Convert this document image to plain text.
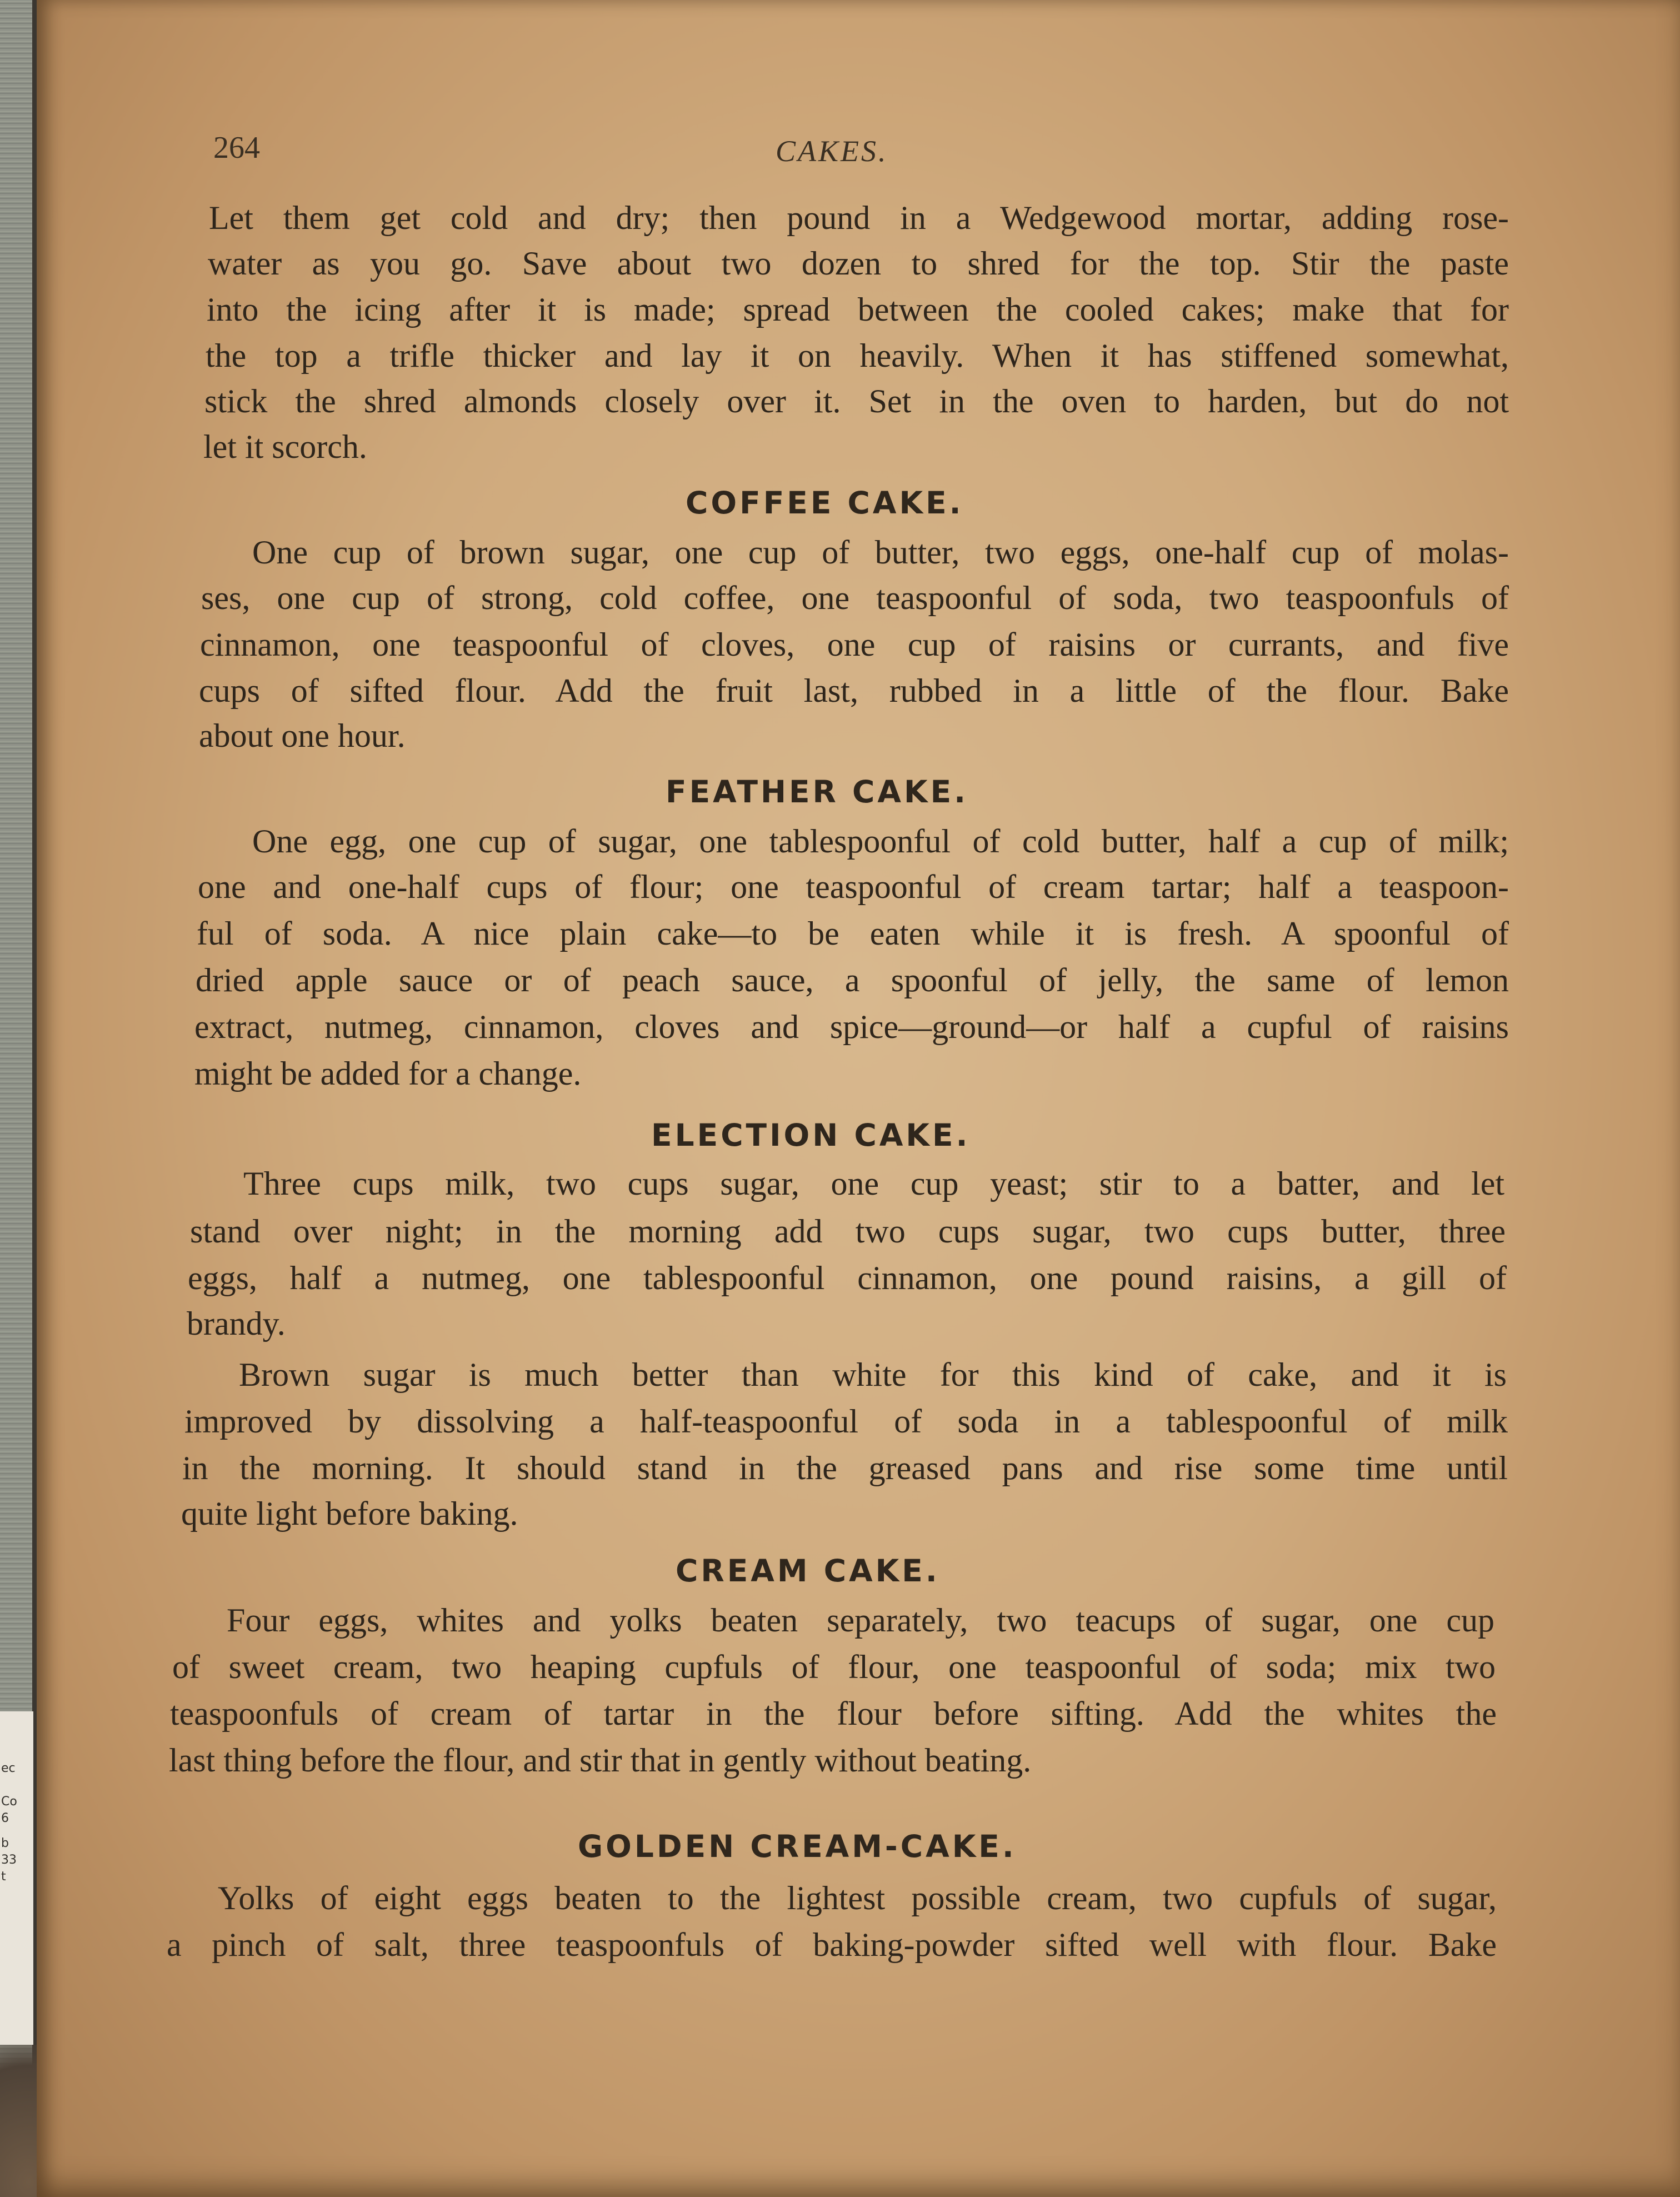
ec
Co
6
b
33
t
264	CAKES.
Let them get cold and dry; then pound in a Wedgewood mortar, adding rose-
water as you go. Save about two dozen to shred for the top. Stir the paste
into the icing after it is made; spread between the cooled cakes; make that for
the top a trifle thicker and lay it on heavily. When it has stiffened somewhat,
stick the shred almonds closely over it. Set in the oven to harden, but do not
let it scorch.
COFFEE CAKE.
One cup of brown sugar, one cup of butter, two eggs, one-half cup of molas-
ses, one cup of strong, cold coffee, one teaspoonful of soda, two teaspoonfuls of
cinnamon, one teaspoonful of cloves, one cup of raisins or currants, and five
cups of sifted flour. Add the fruit last, rubbed in a little of the flour. Bake
about one hour.
FEATHER CAKE.
One egg, one cup of sugar, one tablespoonful of cold butter, half a cup of milk;
one and one-half cups of flour; one teaspoonful of cream tartar; half a teaspoon-
ful of soda. A nice plain cake—to be eaten while it is fresh. A spoonful of
dried apple sauce or of peach sauce, a spoonful of jelly, the same of lemon
extract, nutmeg, cinnamon, cloves and spice—ground—or half a cupful of raisins
might be added for a change.
ELECTION CAKE.
Three cups milk, two cups sugar, one cup yeast; stir to a batter, and let
stand over night; in the morning add two cups sugar, two cups butter, three
eggs, half a nutmeg, one tablespoonful cinnamon, one pound raisins, a gill of
brandy.
Brown sugar is much better than white for this kind of cake, and it is
improved by dissolving a half-teaspoonful of soda in a tablespoonful of milk
in the morning. It should stand in the greased pans and rise some time until
quite light before baking.
CREAM CAKE.
Four eggs, whites and yolks beaten separately, two teacups of sugar, one cup
of sweet cream, two heaping cupfuls of flour, one teaspoonful of soda; mix two
teaspoonfuls of cream of tartar in the flour before sifting. Add the whites the
last thing before the flour, and stir that in gently without beating.
GOLDEN CREAM-CAKE.
Yolks of eight eggs beaten to the lightest possible cream, two cupfuls of sugar,
a pinch of salt, three teaspoonfuls of baking-powder sifted well with flour. Bake
